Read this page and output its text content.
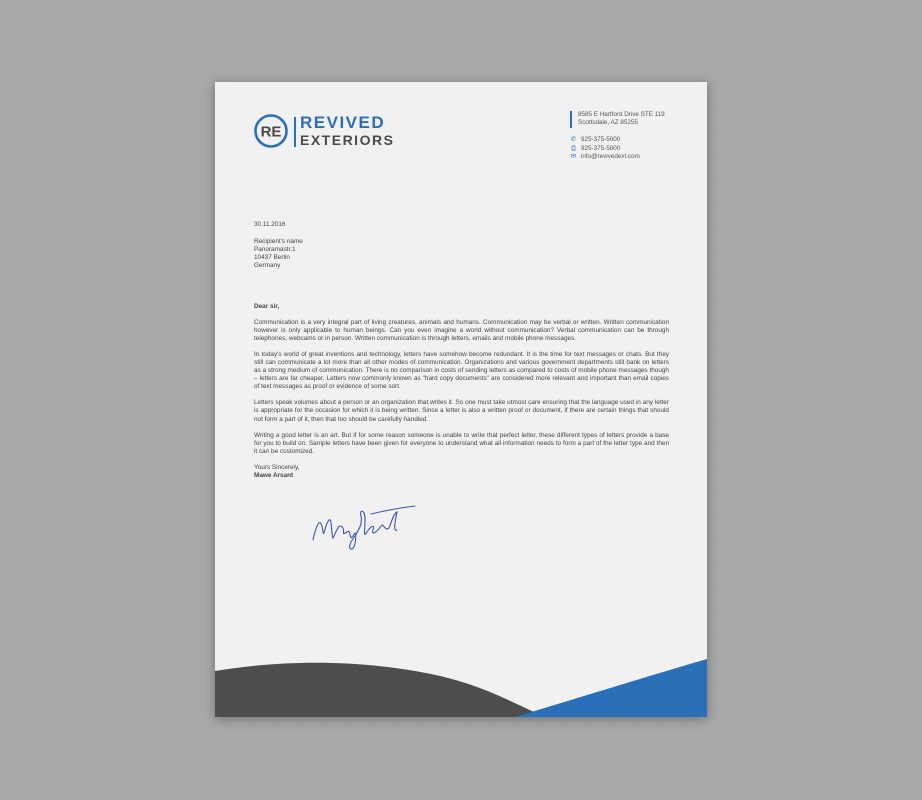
RE REVIVED
EXTERIORS
8585 E Hartford Drive STE 119
Scottsdale, AZ 85255
✆ 925-375-5000
⎙ 925-375-5000
✉ info@revivedext.com

30.11.2016

Recipient's name
Panoramastr.1
10437 Berlin
Germany

Dear sir,

Communication is a very integral part of living creatures, animals and humans. Communication may be verbal or written. Written communication however is only applicable to human beings. Can you even imagine a world without communication? Verbal communication can be through telephones, webcams or in person. Written communication is through letters, emails and mobile phone messages.

In today's world of great inventions and technology, letters have somehow become redundant. It is the time for text messages or chats. But they still can communicate a lot more than all other modes of communication. Organizations and various government departments still bank on letters as a strong medium of communication. There is no comparison in costs of sending letters as compared to costs of mobile phone messages though – letters are far cheaper. Letters now commonly known as "hard copy documents" are considered more relevant and important than email copies of text messages as proof or evidence of some sort.

Letters speak volumes about a person or an organization that writes it. So one must take utmost care ensuring that the language used in any letter is appropriate for the occasion for which it is being written. Since a letter is also a written proof or document, if there are certain things that should not form a part of it, then that too should be carefully handled.

Writing a good letter is an art. But if for some reason someone is unable to write that perfect letter, these different types of letters provide a base for you to build on. Sample letters have been given for everyone to understand what all information needs to form a part of the letter type and then it can be customized.

Yours Sincerely,

Mawe Arsant
